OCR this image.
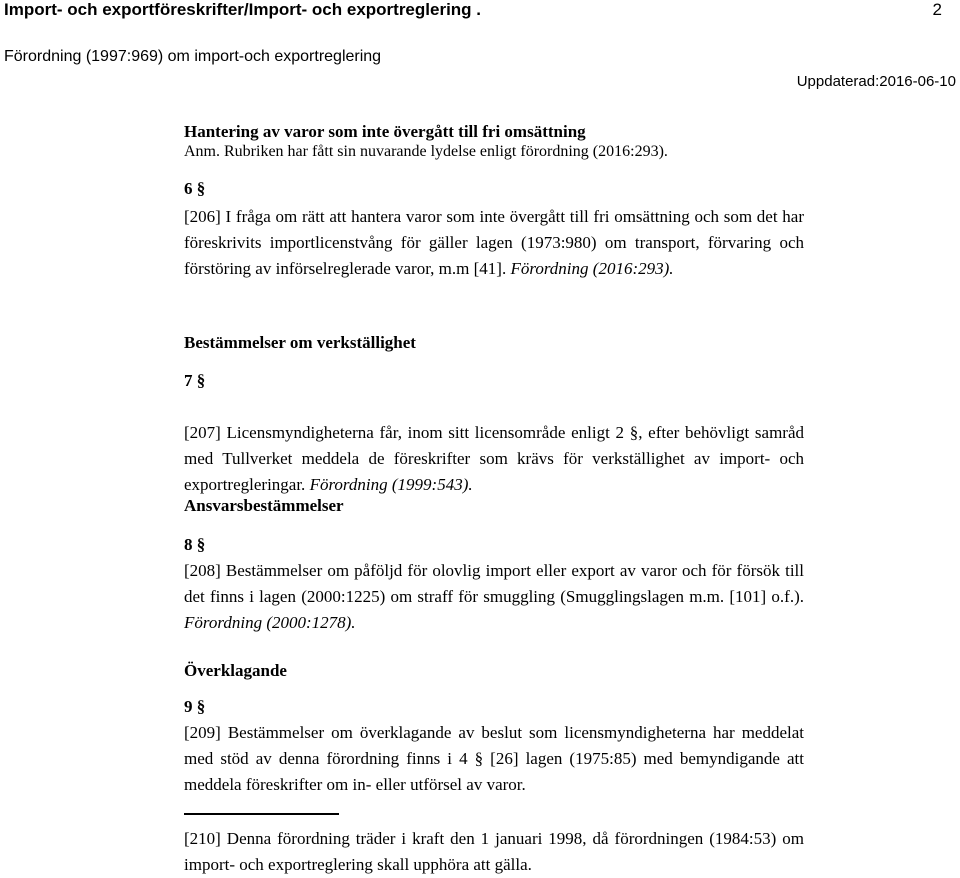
Import- och exportföreskrifter/Import- och exportreglering .	2
Förordning (1997:969) om import-och exportreglering
Uppdaterad:2016-06-10

Hantering av varor som inte övergått till fri omsättning

Anm. Rubriken har fått sin nuvarande lydelse enligt förordning (2016:293).

6 §

[206] I fråga om rätt att hantera varor som inte övergått till fri omsättning och som det har föreskrivits importlicenstvång för gäller lagen (1973:980) om transport, förvaring och förstöring av införselreglerade varor, m.m [41]. Förordning (2016:293).

Bestämmelser om verkställighet

7 §

[207] Licensmyndigheterna får, inom sitt licensområde enligt 2 §, efter behövligt samråd med Tullverket meddela de föreskrifter som krävs för verkställighet av import- och exportregleringar. Förordning (1999:543).

Ansvarsbestämmelser

8 §

[208] Bestämmelser om påföljd för olovlig import eller export av varor och för försök till det finns i lagen (2000:1225) om straff för smuggling (Smugglingslagen m.m. [101] o.f.). Förordning (2000:1278).

Överklagande

9 §

[209] Bestämmelser om överklagande av beslut som licensmyndigheterna har meddelat med stöd av denna förordning finns i 4 § [26] lagen (1975:85) med bemyndigande att meddela föreskrifter om in- eller utförsel av varor.

[210] Denna förordning träder i kraft den 1 januari 1998, då förordningen (1984:53) om import- och exportreglering skall upphöra att gälla.
